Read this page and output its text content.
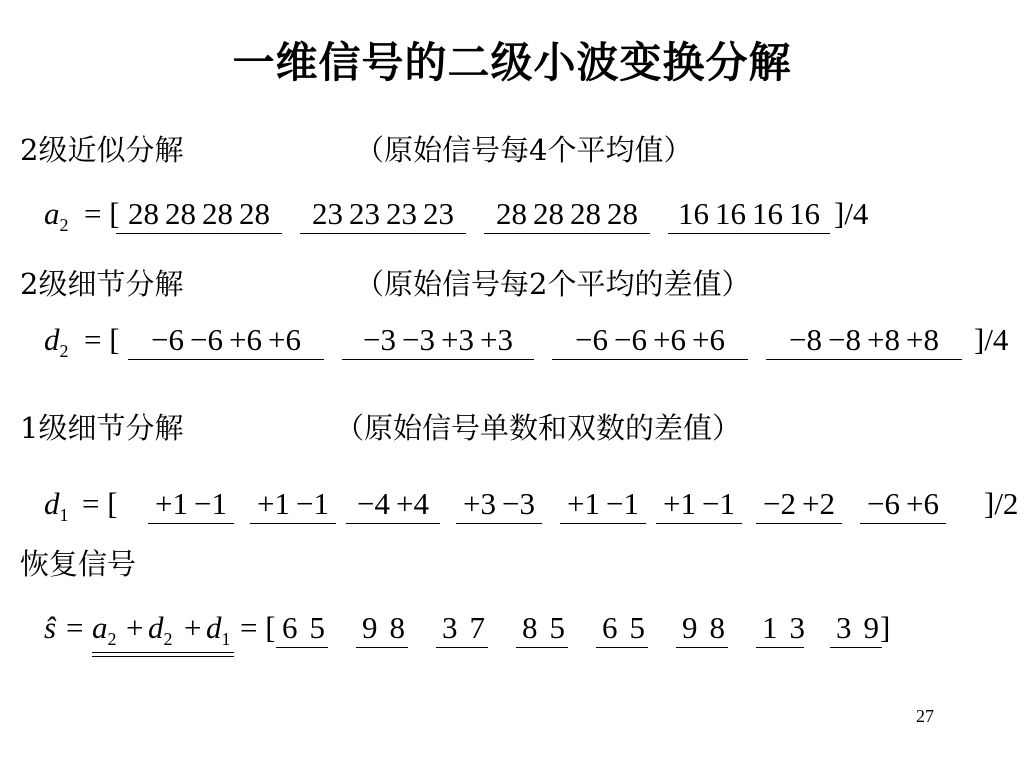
一维信号的二级小波变换分解
2级近似分解	（原始信号每4个平均值）
$a_2$ = [ 28 28 28 28	23 23 23 23	28 28 28 28	16 16 16 16 ]/4
2级细节分解	（原始信号每2个平均的差值）
$d_2$ = [	−6 −6 +6 +6	−3 −3 +3 +3	−6 −6 +6 +6	−8 −8 +8 +8	]/4
1级细节分解	（原始信号单数和双数的差值）
$d_1$ = [ +1 −1 +1 −1 −4 +4	+3 −3 +1 −1 +1 −1 −2 +2 −6 +6 ]/2
恢复信号
ŝ = $a_2 + d_2 + d_1$ = [ 6 5 9 8 3 7 8 5 6 5 9 8 1 3 3 9 ]
27
